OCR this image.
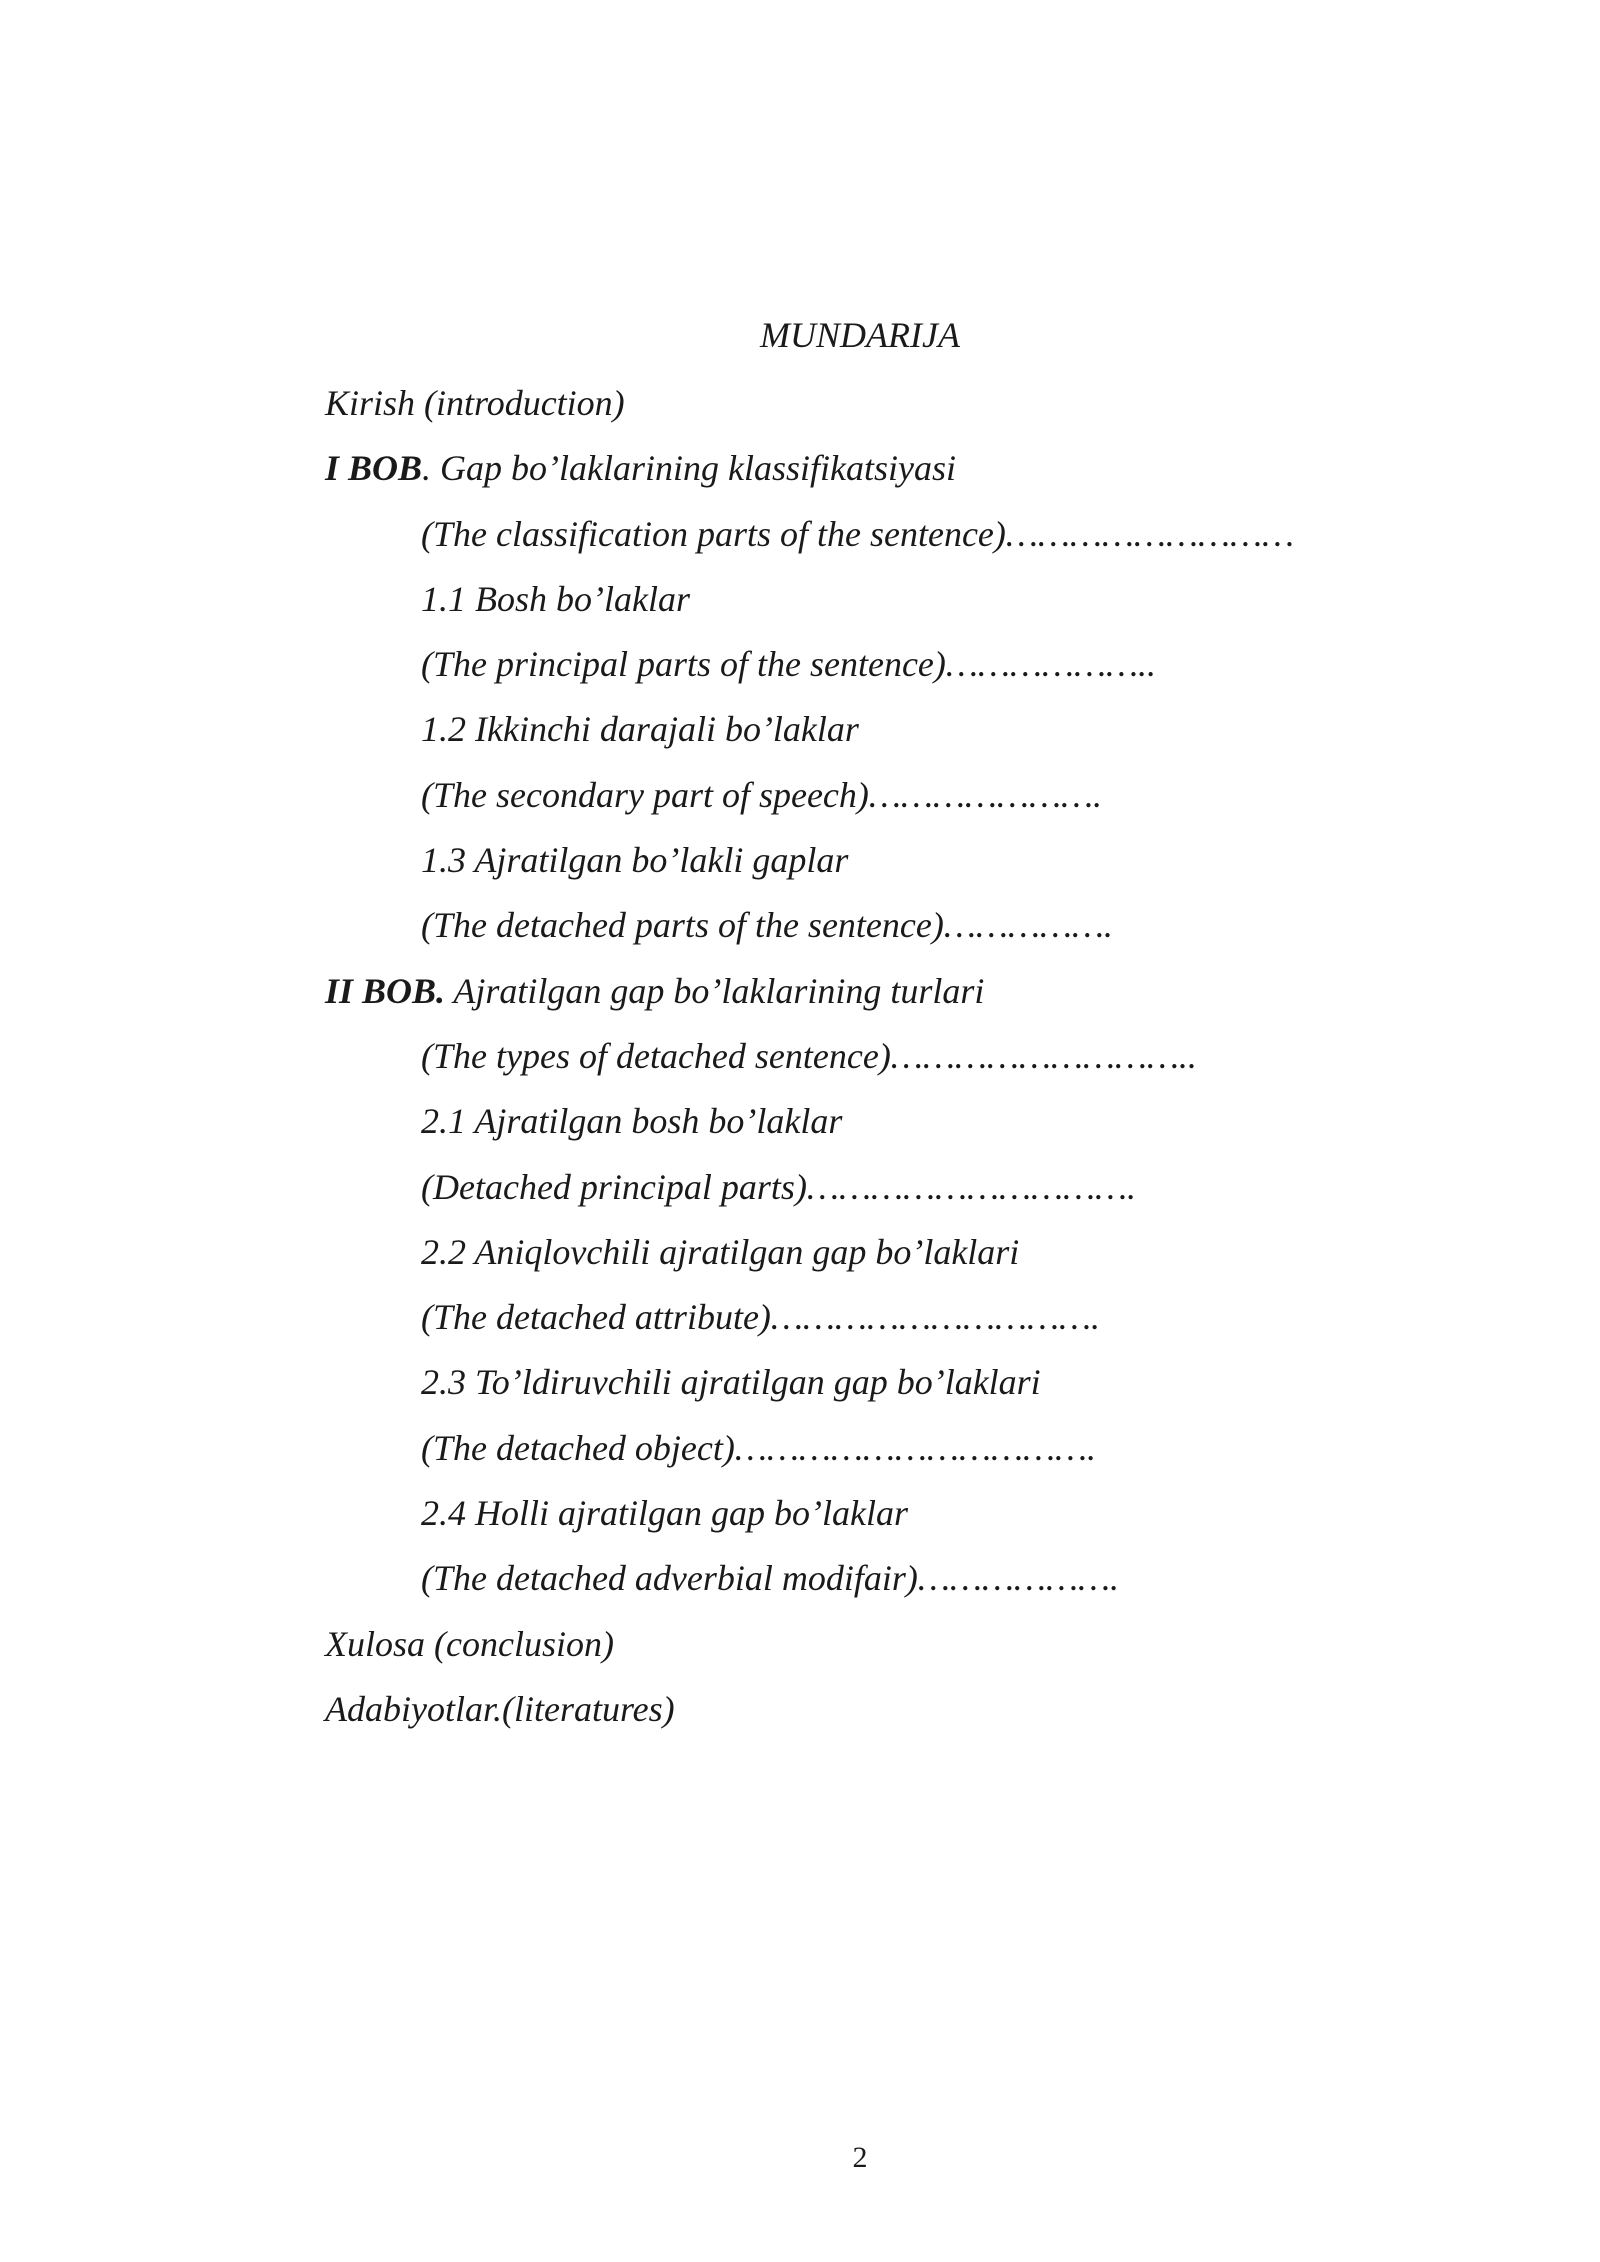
MUNDARIJA
Kirish (introduction)
I BOB. Gap bo’laklarining klassifikatsiyasi
(The classification parts of the sentence)………………………
1.1 Bosh bo’laklar
(The principal parts of the sentence)………………..
1.2 Ikkinchi darajali bo’laklar
(The secondary part of speech)………………….
1.3 Ajratilgan bo’lakli gaplar
(The detached parts of the sentence)…………….
II BOB. Ajratilgan gap bo’laklarining turlari
(The types of detached sentence)………………………..
2.1 Ajratilgan bosh bo’laklar
(Detached principal parts)………………………….
2.2 Aniqlovchili ajratilgan gap bo’laklari
(The detached attribute)………………………….
2.3 To’ldiruvchili ajratilgan gap bo’laklari
(The detached object)…………………………….
2.4 Holli ajratilgan gap bo’laklar
(The detached adverbial modifair)……………….
Xulosa (conclusion)
Adabiyotlar.(literatures)
2
